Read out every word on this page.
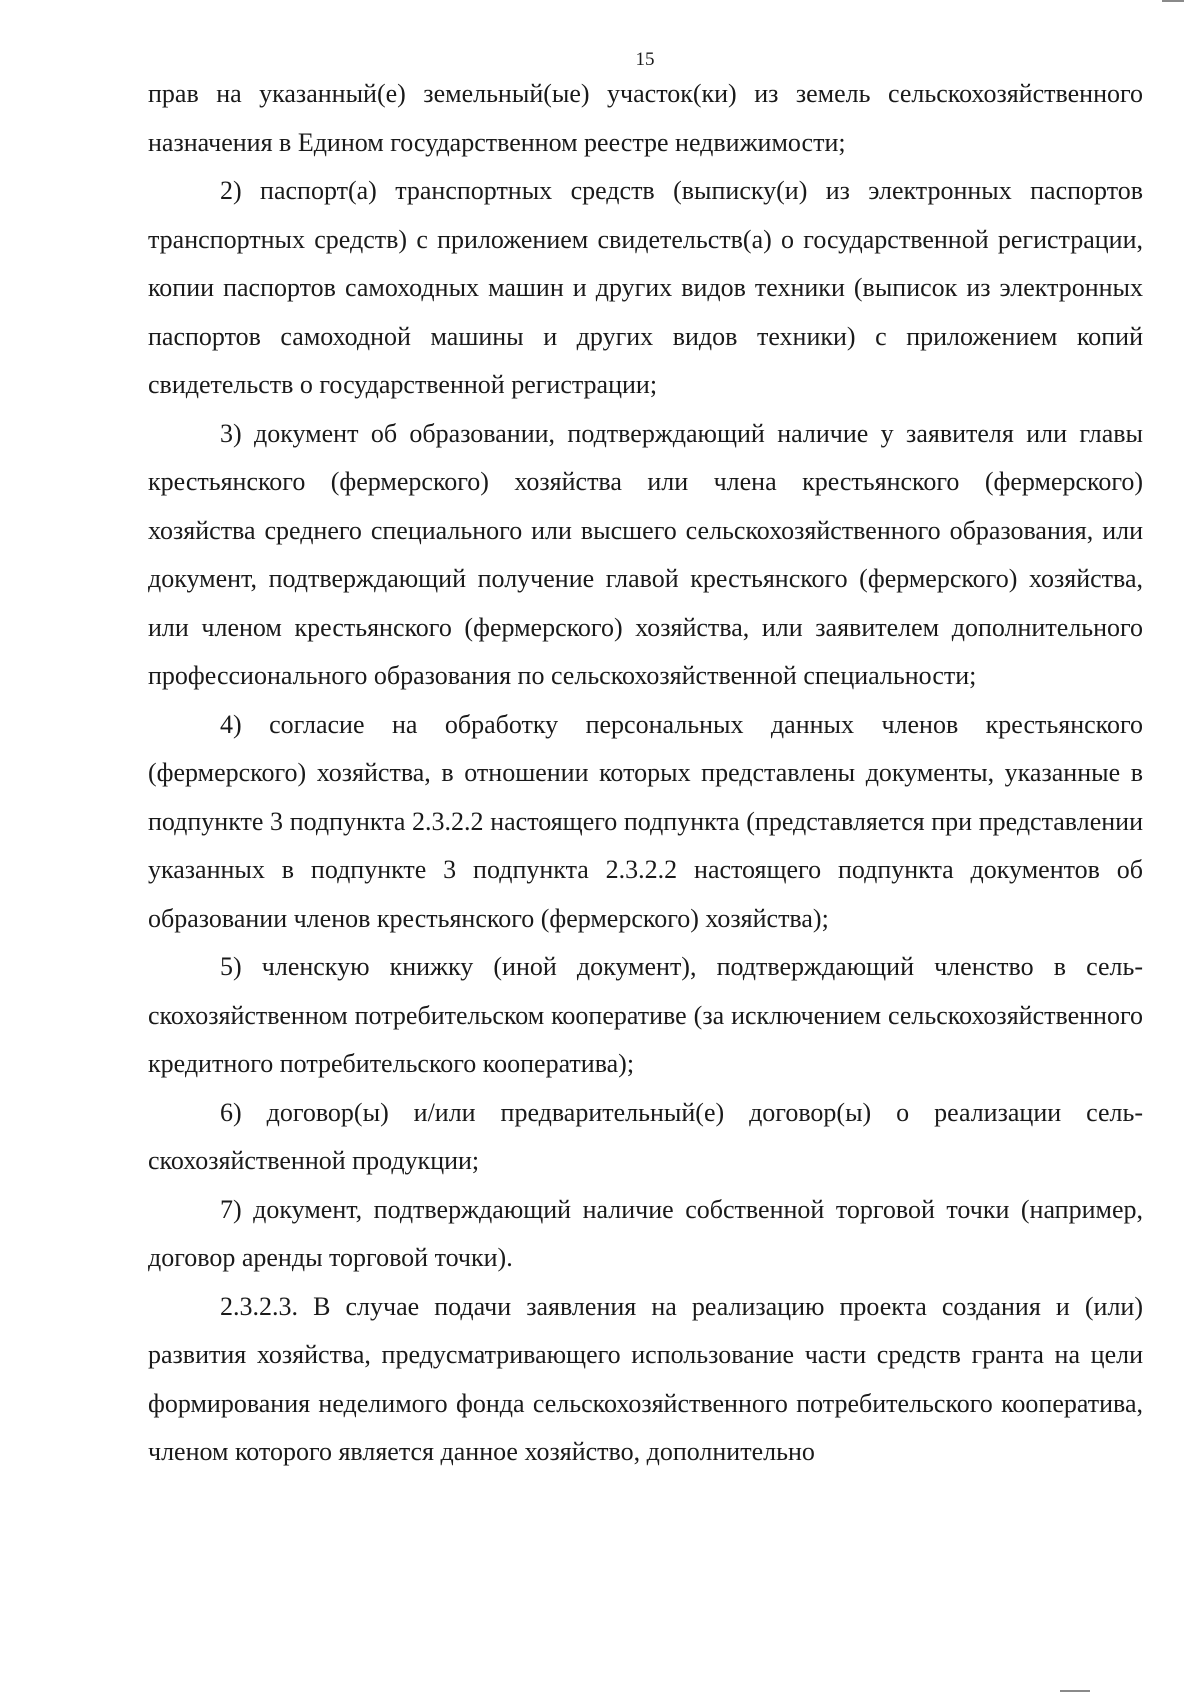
15

прав на указанный(е) земельный(ые) участок(ки) из земель сельскохозяйственного назначения в Едином государственном реестре недвижимости;

2) паспорт(а) транспортных средств (выписку(и) из электронных паспортов транспортных средств) с приложением свидетельств(а) о государственной регистрации, копии паспортов самоходных машин и других видов техники (выписок из электронных паспортов самоходной машины и других видов техники) с приложением копий свидетельств о государственной регистрации;

3) документ об образовании, подтверждающий наличие у заявителя или главы крестьянского (фермерского) хозяйства или члена крестьянского (фермерского) хозяйства среднего специального или высшего сельскохозяйственного образования, или документ, подтверждающий получение главой крестьянского (фермерского) хозяйства, или членом крестьянского (фермерского) хозяйства, или заявителем дополнительного профессионального образования по сельскохозяйственной специальности;

4) согласие на обработку персональных данных членов крестьянского (фермерского) хозяйства, в отношении которых представлены документы, указанные в подпункте 3 подпункта 2.3.2.2 настоящего подпункта (представляется при представлении указанных в подпункте 3 подпункта 2.3.2.2 настоящего подпункта документов об образовании членов крестьянского (фермерского) хозяйства);

5) членскую книжку (иной документ), подтверждающий членство в сельскохозяйственном потребительском кооперативе (за исключением сельскохозяйственного кредитного потребительского кооператива);

6) договор(ы) и/или предварительный(е) договор(ы) о реализации сельскохозяйственной продукции;

7) документ, подтверждающий наличие собственной торговой точки (например, договор аренды торговой точки).

2.3.2.3. В случае подачи заявления на реализацию проекта создания и (или) развития хозяйства, предусматривающего использование части средств гранта на цели формирования неделимого фонда сельскохозяйственного потребительского кооператива, членом которого является данное хозяйство, дополнительно
